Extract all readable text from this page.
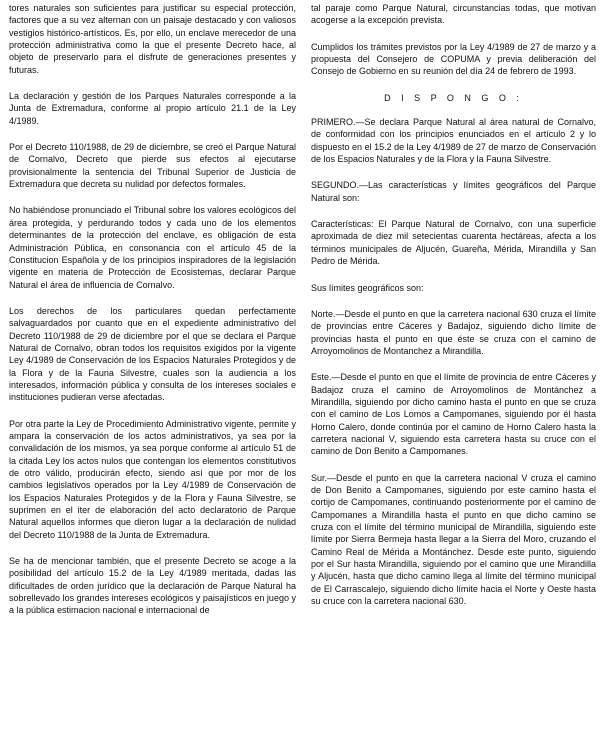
tores naturales son suficientes para justificar su especial protección, factores que a su vez alternan con un paisaje destacado y con valiosos vestigios histórico-artísticos. Es, por ello, un enclave merecedor de una protección administrativa como la que el presente Decreto hace, al objeto de preservarlo para el disfrute de generaciones presentes y futuras.

La declaración y gestión de los Parques Naturales corresponde a la Junta de Extremadura, conforme al propio artículo 21.1 de la Ley 4/1989.

Por el Decreto 110/1988, de 29 de diciembre, se creó el Parque Natural de Cornalvo, Decreto que pierde sus efectos al ejecutarse provisionalmente la sentencia del Tribunal Superior de Justicia de Extremadura que decreta su nulidad por defectos formales.

No habiéndose pronunciado el Tribunal sobre los valores ecológicos del área protegida, y perdurando todos y cada uno de los elementos determinantes de la protección del enclave, es obligación de esta Administración Pública, en consonancia con el artículo 45 de la Constitucion Española y de los principios inspiradores de la legislación vigente en materia de Protección de Ecosistemas, declarar Parque Natural el área de influencia de Cornalvo.

Los derechos de los particulares quedan perfectamente salvaguardados por cuanto que en el expediente administrativo del Decreto 110/1988 de 29 de diciembre por el que se declara el Parque Natural de Cornalvo, obran todos los requisitos exigidos por la vigente Ley 4/1989 de Conservación de los Espacios Naturales Protegidos y de la Flora y de la Fauna Silvestre, cuales son la audiencia a los interesados, información pública y consulta de los intereses sociales e instituciones pudieran verse afectadas.

Por otra parte la Ley de Procedimiento Administrativo vigente, permite y ampara la conservación de los actos administrativos, ya sea por la convalidación de los mismos, ya sea porque conforme al artículo 51 de la citada Ley los actos nulos que contengan los elementos constitutivos de otro válido, producirán efecto, siendo así que por mor de los cambios legislativos operados por la Ley 4/1989 de Conservación de los Espacios Naturales Protegidos y de la Flora y Fauna Silvestre, se suprimen en el iter de elaboración del acto declaratorio de Parque Natural aquellos informes que dieron lugar a la declaración de nulidad del Decreto 110/1988 de la Junta de Extremadura.

Se ha de mencionar también, que el presente Decreto se acoge a la posibilidad del artículo 15.2 de la Ley 4/1989 meritada, dadas las dificultades de orden jurídico que la declaración de Parque Natural ha sobrellevado los grandes intereses ecológicos y paisajísticos en juego y a la pública estimacion nacional e internacional de

tal paraje como Parque Natural, circunstancias todas, que motivan acogerse a la excepción prevista.

Cumplidos los trámites previstos por la Ley 4/1989 de 27 de marzo y a propuesta del Consejero de COPUMA y previa deliberación del Consejo de Gobierno en su reunión del día 24 de febrero de 1993.

D I S P O N G O :

PRIMERO.—Se declara Parque Natural al área natural de Cornalvo, de conformidad con los principios enunciados en el artículo 2 y lo dispuesto en el 15.2 de la Ley 4/1989 de 27 de marzo de Conservación de los Espacios Naturales y de la Flora y la Fauna Silvestre.

SEGUNDO.—Las características y límites geográficos del Parque Natural son:

Características: El Parque Natural de Cornalvo, con una superficie aproximada de diez mil setecientas cuarenta hectáreas, afecta a los términos municipales de Aljucén, Guareña, Mérida, Mirandilla y San Pedro de Mérida.

Sus límites geográficos son:

Norte.—Desde el punto en que la carretera nacional 630 cruza el límite de provincias entre Cáceres y Badajoz, siguiendo dicho límite de provincias hasta el punto en que éste se cruza con el camino de Arroyomolinos de Montanchez a Mirandilla.

Este.—Desde el punto en que el límite de provincia de entre Cáceres y Badajoz cruza el camino de Arroyomolinos de Montánchez a Mirandilla, siguiendo por dicho camino hasta el punto en que se cruza con el camino de Los Lomos a Campomanes, siguiendo por él hasta Horno Calero, donde continúa por el camino de Horno Calero hasta la carretera nacional V, siguiendo esta carretera hasta su cruce con el camino de Don Benito a Campomanes.

Sur.—Desde el punto en que la carretera nacional V cruza el camino de Don Benito a Campomanes, siguiendo por este camino hasta el cortijo de Campomanes, continuando posteriormente por el camino de Campomanes a Mirandilla hasta el punto en que dicho camino se cruza con el límite del término municipal de Mirandilla, siguiendo este límite por Sierra Bermeja hasta llegar a la Sierra del Moro, cruzando el Camino Real de Mérida a Montánchez. Desde este punto, siguiendo por el Sur hasta Mirandilla, siguiendo por el camino que une Mirandilla y Aljucén, hasta que dicho camino llega al límite del término municipal de El Carrascalejo, siguiendo dicho límite hacia el Norte y Oeste hasta su cruce con la carretera nacional 630.
